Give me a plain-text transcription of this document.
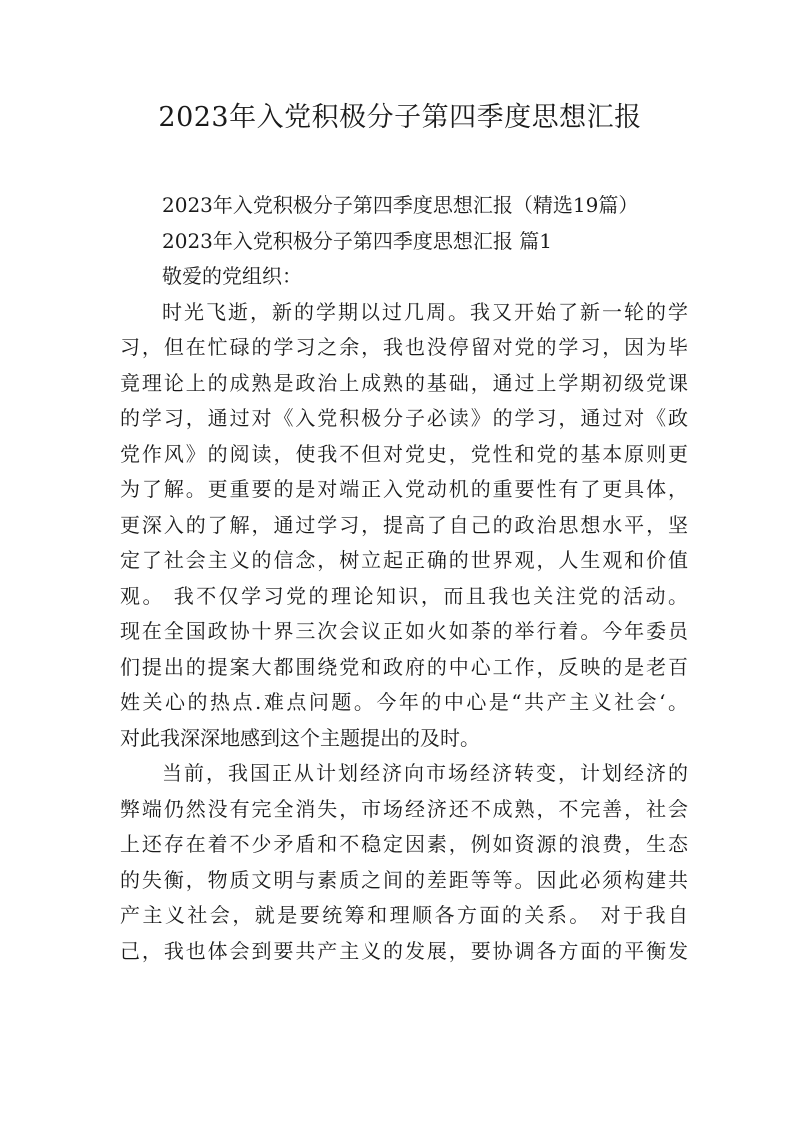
2023年入党积极分子第四季度思想汇报
2023年入党积极分子第四季度思想汇报（精选19篇）
2023年入党积极分子第四季度思想汇报 篇1
敬爱的党组织：
时光飞逝，新的学期以过几周。我又开始了新一轮的学
习，但在忙碌的学习之余，我也没停留对党的学习，因为毕
竟理论上的成熟是政治上成熟的基础，通过上学期初级党课
的学习，通过对《入党积极分子必读》的学习，通过对《政
党作风》的阅读，使我不但对党史，党性和党的基本原则更
为了解。更重要的是对端正入党动机的重要性有了更具体，
更深入的了解，通过学习，提高了自己的政治思想水平，坚
定了社会主义的信念，树立起正确的世界观，人生观和价值
观。 我不仅学习党的理论知识，而且我也关注党的活动。
现在全国政协十界三次会议正如火如荼的举行着。今年委员
们提出的提案大都围绕党和政府的中心工作，反映的是老百
姓关心的热点.难点问题。今年的中心是“共产主义社会‘。
对此我深深地感到这个主题提出的及时。
当前，我国正从计划经济向市场经济转变，计划经济的
弊端仍然没有完全消失，市场经济还不成熟，不完善，社会
上还存在着不少矛盾和不稳定因素，例如资源的浪费，生态
的失衡，物质文明与素质之间的差距等等。因此必须构建共
产主义社会，就是要统筹和理顺各方面的关系。 对于我自
己，我也体会到要共产主义的发展，要协调各方面的平衡发
